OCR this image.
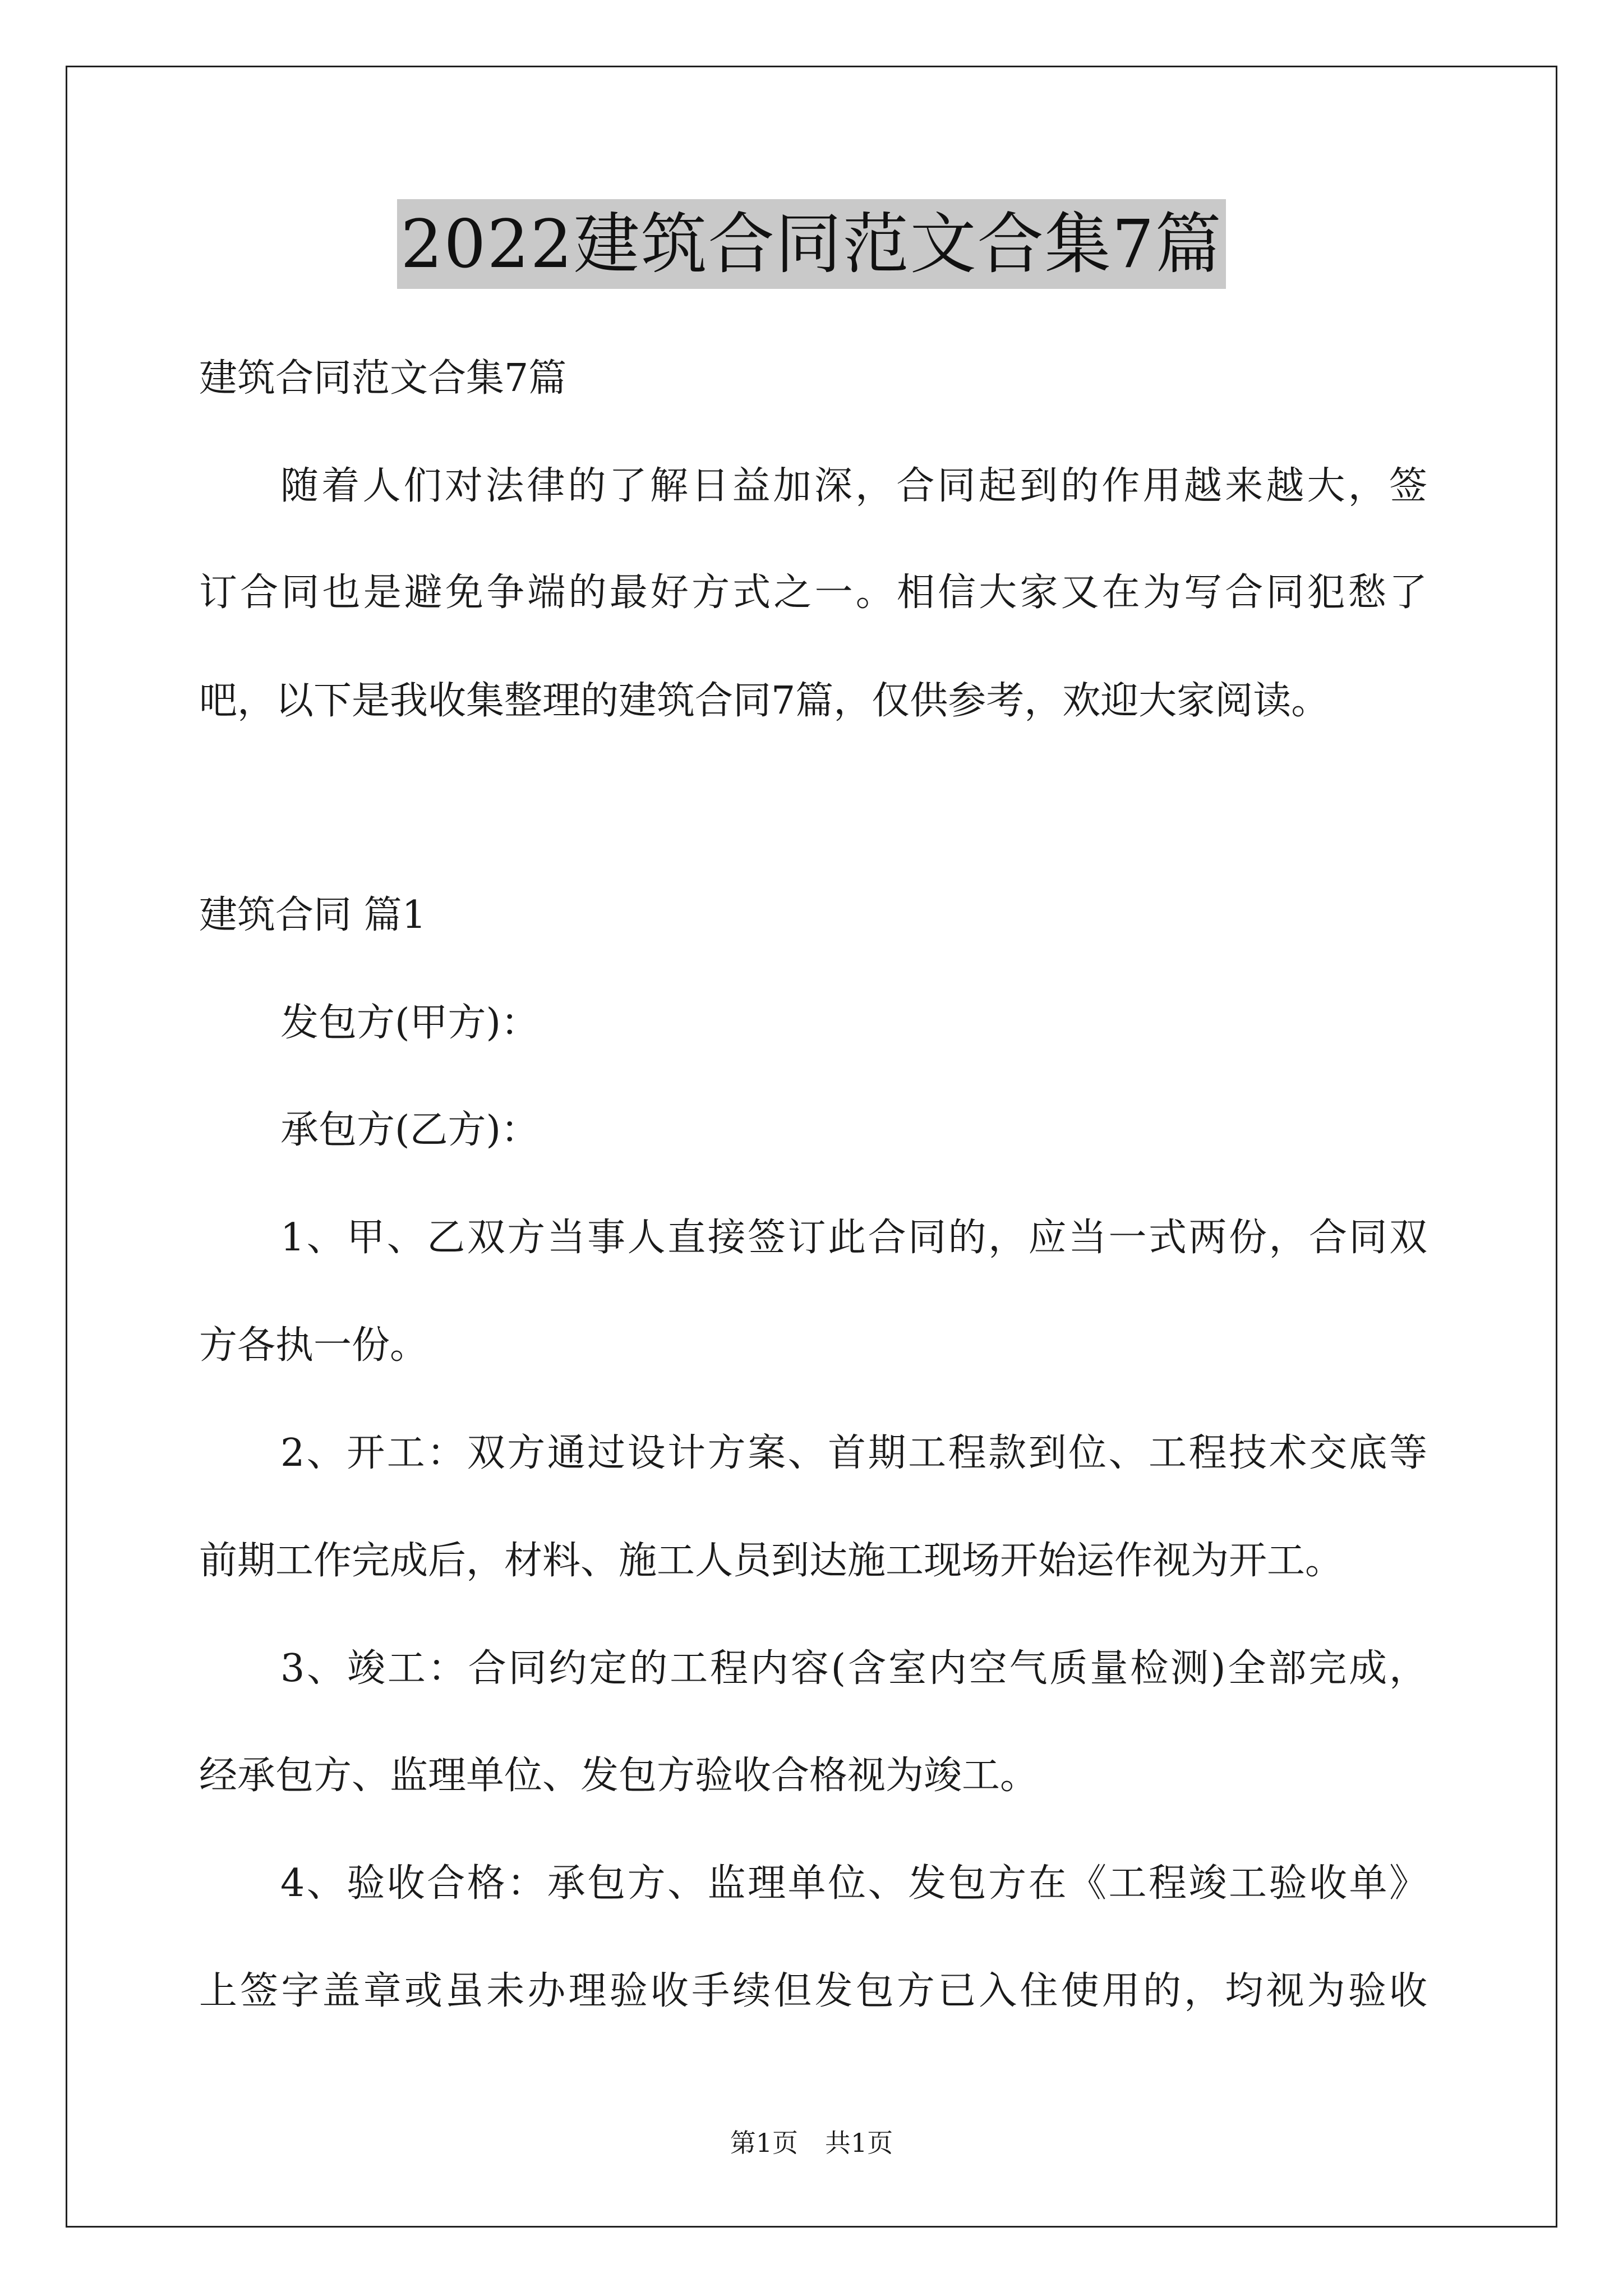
2022建筑合同范文合集7篇
建筑合同范文合集7篇
随着人们对法律的了解日益加深，合同起到的作用越来越大，签
订合同也是避免争端的最好方式之一。相信大家又在为写合同犯愁了
吧，以下是我收集整理的建筑合同7篇，仅供参考，欢迎大家阅读。
建筑合同 篇1
发包方(甲方)：
承包方(乙方)：
1、甲、乙双方当事人直接签订此合同的，应当一式两份，合同双
方各执一份。
2、开工：双方通过设计方案、首期工程款到位、工程技术交底等
前期工作完成后，材料、施工人员到达施工现场开始运作视为开工。
3、竣工：合同约定的工程内容(含室内空气质量检测)全部完成，
经承包方、监理单位、发包方验收合格视为竣工。
4、验收合格：承包方、监理单位、发包方在《工程竣工验收单》
上签字盖章或虽未办理验收手续但发包方已入住使用的，均视为验收
第1页 共1页
